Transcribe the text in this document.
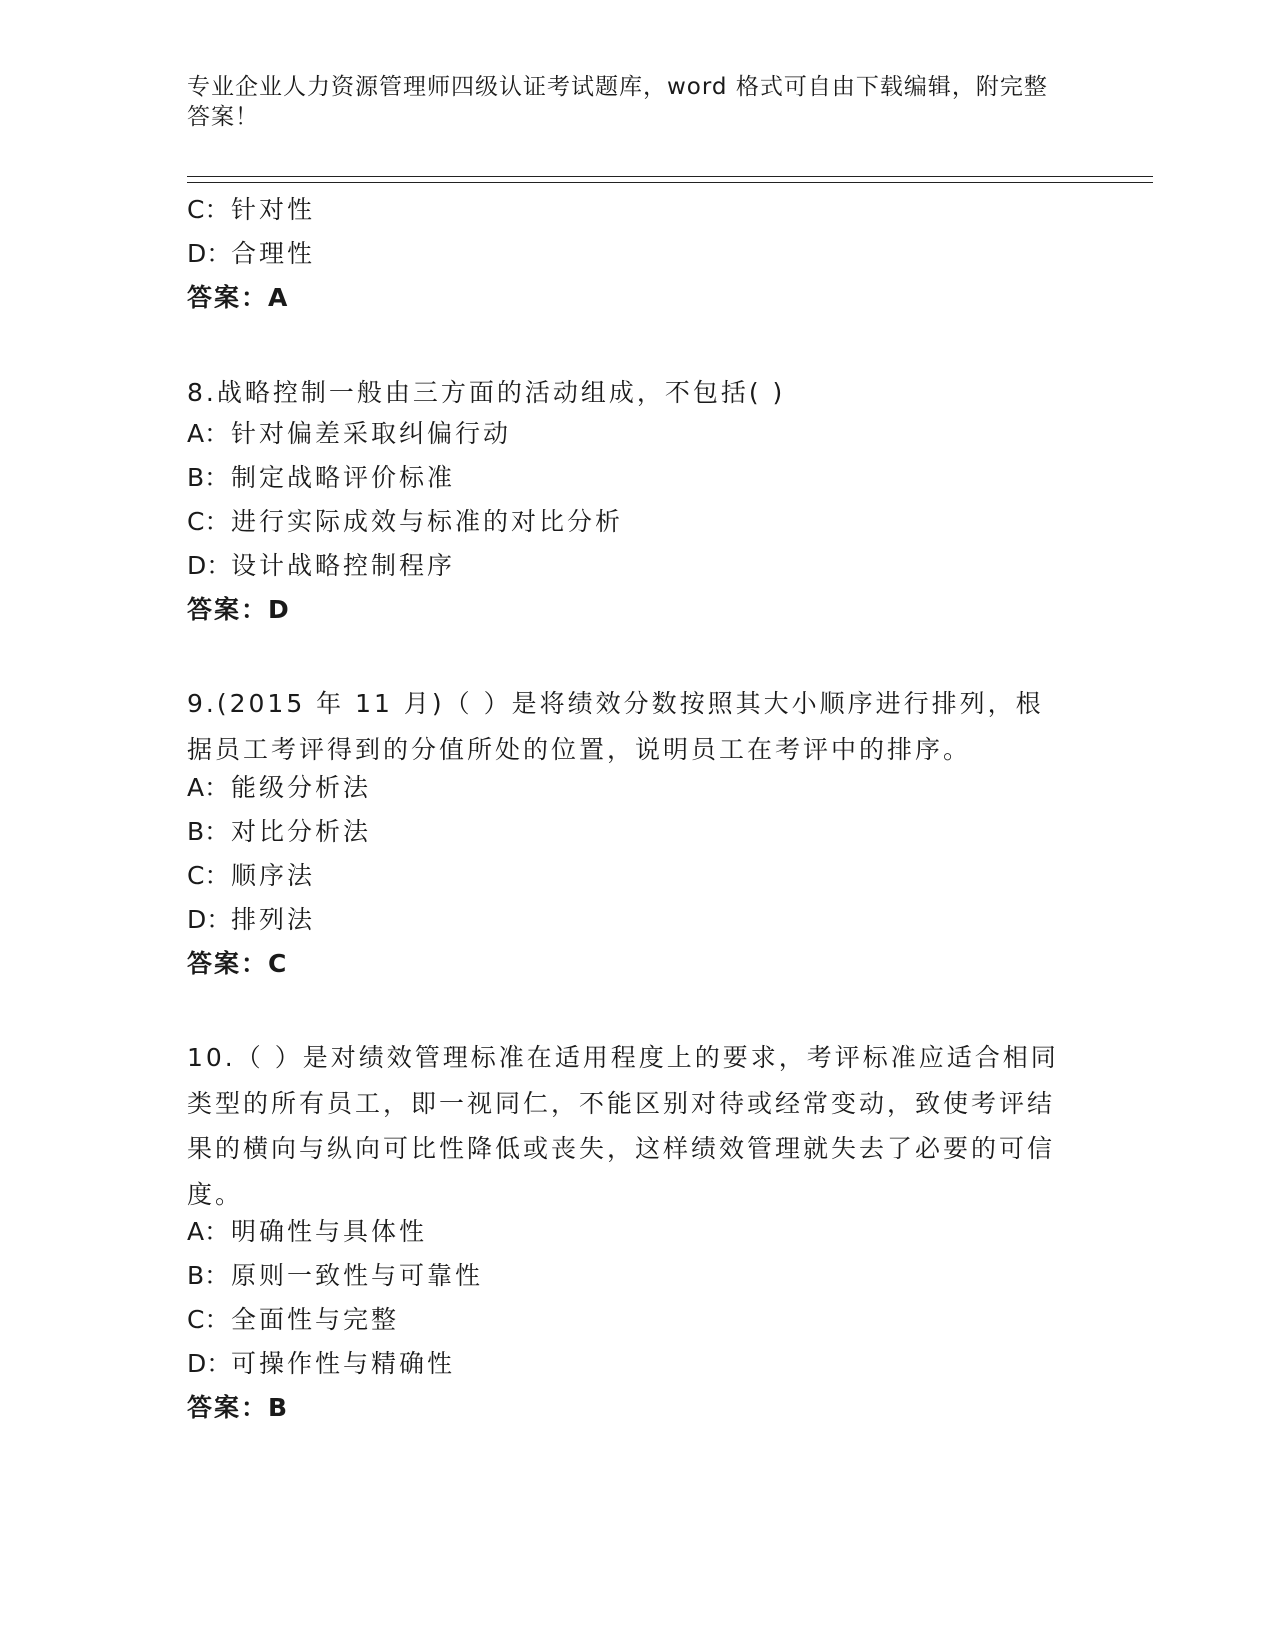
专业企业人力资源管理师四级认证考试题库，word 格式可自由下载编辑，附完整答案！
C：针对性
D：合理性
答案：A
8.战略控制一般由三方面的活动组成，不包括( )
A：针对偏差采取纠偏行动
B：制定战略评价标准
C：进行实际成效与标准的对比分析
D：设计战略控制程序
答案：D
9.(2015 年 11 月)（ ）是将绩效分数按照其大小顺序进行排列，根据员工考评得到的分值所处的位置，说明员工在考评中的排序。
A：能级分析法
B：对比分析法
C：顺序法
D：排列法
答案：C
10.（ ）是对绩效管理标准在适用程度上的要求，考评标准应适合相同类型的所有员工，即一视同仁，不能区别对待或经常变动，致使考评结果的横向与纵向可比性降低或丧失，这样绩效管理就失去了必要的可信度。
A：明确性与具体性
B：原则一致性与可靠性
C：全面性与完整
D：可操作性与精确性
答案：B
